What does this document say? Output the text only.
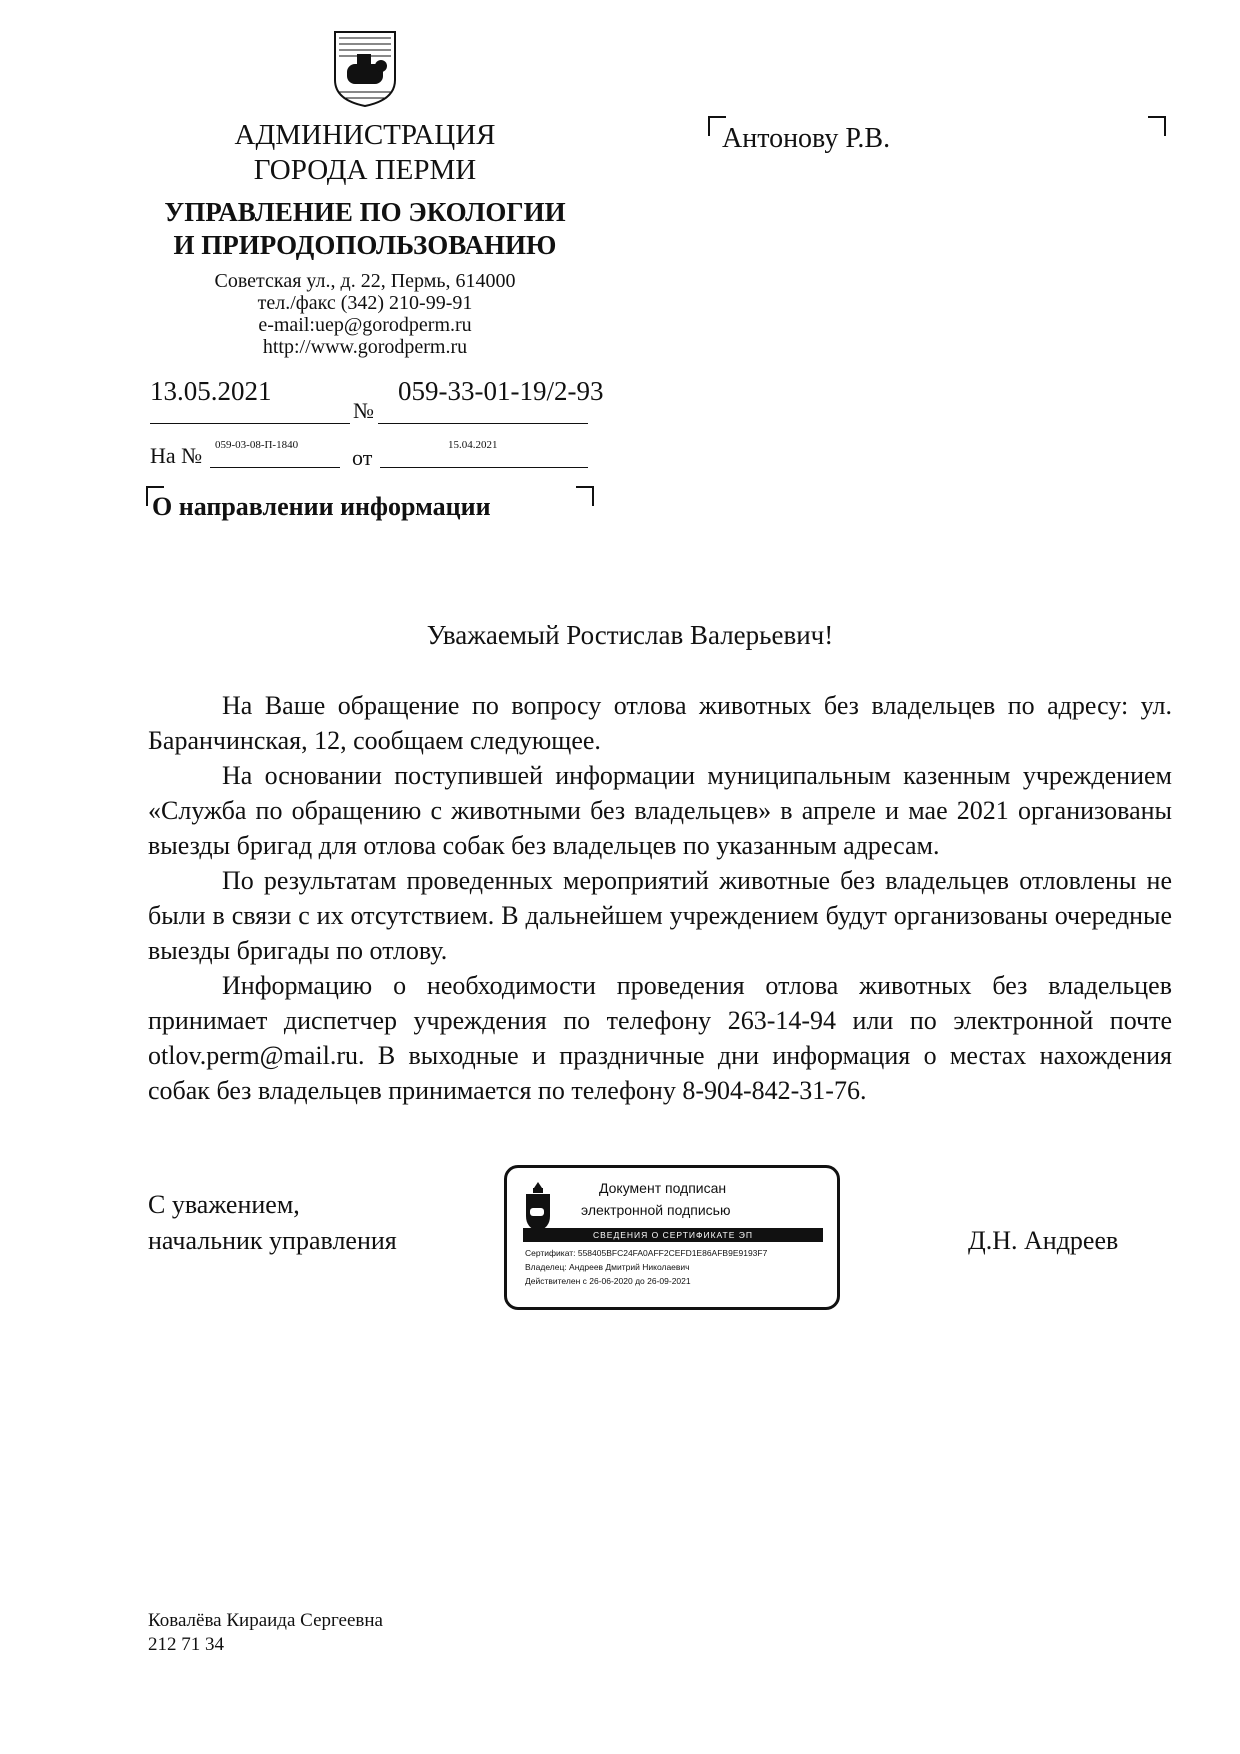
АДМИНИСТРАЦИЯ
ГОРОДА ПЕРМИ
УПРАВЛЕНИЕ ПО ЭКОЛОГИИ
И ПРИРОДОПОЛЬЗОВАНИЮ
Советская ул., д. 22, Пермь, 614000
тел./факс (342) 210-99-91
e-mail:uep@gorodperm.ru
http://www.gorodperm.ru
Антонову Р.В.
13.05.2021
№
059-33-01-19/2-93
На № 059-03-08-П-1840 от	15.04.2021
О направлении информации
Уважаемый Ростислав Валерьевич!

На Ваше обращение по вопросу отлова животных без владельцев по адресу: ул. Баранчинская, 12, сообщаем следующее.

На основании поступившей информации муниципальным казенным учреждением «Служба по обращению с животными без владельцев» в апреле и мае 2021 организованы выезды бригад для отлова собак без владельцев по указанным адресам.

По результатам проведенных мероприятий животные без владельцев отловлены не были в связи с их отсутствием. В дальнейшем учреждением будут организованы очередные выезды бригады по отлову.

Информацию о необходимости проведения отлова животных без владельцев принимает диспетчер учреждения по телефону 263-14-94 или по электронной почте otlov.perm@mail.ru. В выходные и праздничные дни информация о местах нахождения собак без владельцев принимается по телефону 8-904-842-31-76.

С уважением,
начальник управления	Д.Н. Андреев
Документ подписан
электронной подписью
СВЕДЕНИЯ О СЕРТИФИКАТЕ ЭП
Сертификат: 558405BFC24FA0AFF2CEFD1E86AFB9E9193F7
Владелец: Андреев Дмитрий Николаевич
Действителен с 26-06-2020 до 26-09-2021
Ковалёва Кираида Сергеевна
212 71 34
